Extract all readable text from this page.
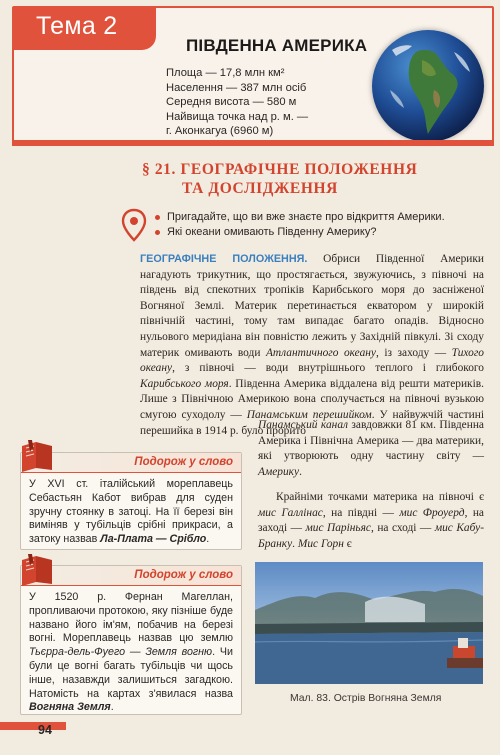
Тема 2
ПІВДЕННА АМЕРИКА
Площа — 17,8 млн км²
Населення — 387 млн осіб
Середня висота — 580 м
Найвища точка над р. м. —
г. Аконкагуа (6960 м)
§ 21. ГЕОГРАФІЧНЕ ПОЛОЖЕННЯ
ТА ДОСЛІДЖЕННЯ
Пригадайте, що ви вже знаєте про відкриття Америки.
Які океани омивають Південну Америку?

ГЕОГРАФІЧНЕ ПОЛОЖЕННЯ. Обриси Південної Америки нагадують трикутник, що простягається, звужуючись, з півночі на південь від спекотних тропіків Карибського моря до засніженої Вогняної Землі. Материк перетинається екватором у широкій північній частині, тому там випадає багато опадів. Відносно нульового меридіана він повністю лежить у Західній півкулі. Зі сходу материк омивають води Атлантичного океану, із заходу — Тихого океану, з півночі — води внутрішнього теплого і глибокого Карибського моря. Південна Америка віддалена від решти материків. Лише з Північною Америкою вона сполучається на півночі вузькою смугою суходолу — Панамським перешийком. У найвужчій частині перешийка в 1914 р. було прорито

Панамський канал завдовжки 81 км. Південна Америка і Північна Америка — два материки, які утворюють одну частину світу — Америку.
Крайніми точками материка на півночі є мис Галлінас, на півдні — мис Фроуерд, на заході — мис Паріньяс, на сході — мис Кабу-Бранку. Мис Горн є
Подорож у слово
У XVI ст. італійський мореплавець Себастьян Кабот вибрав для суден зручну стоянку в затоці. На її березі він виміняв у тубільців срібні прикраси, а затоку назвав Ла-Плата — Срібло.
Подорож у слово
У 1520 р. Фернан Магеллан, пропливаючи протокою, яку пізніше буде названо його ім'ям, побачив на березі вогні. Мореплавець назвав цю землю Тьєрра-дель-Фуего — Земля вогню. Чи були це вогні багать тубільців чи щось інше, назавжди залишиться загадкою. Натомість на картах з'явилася назва Вогняна Земля.
Мал. 83. Острів Вогняна Земля
94
